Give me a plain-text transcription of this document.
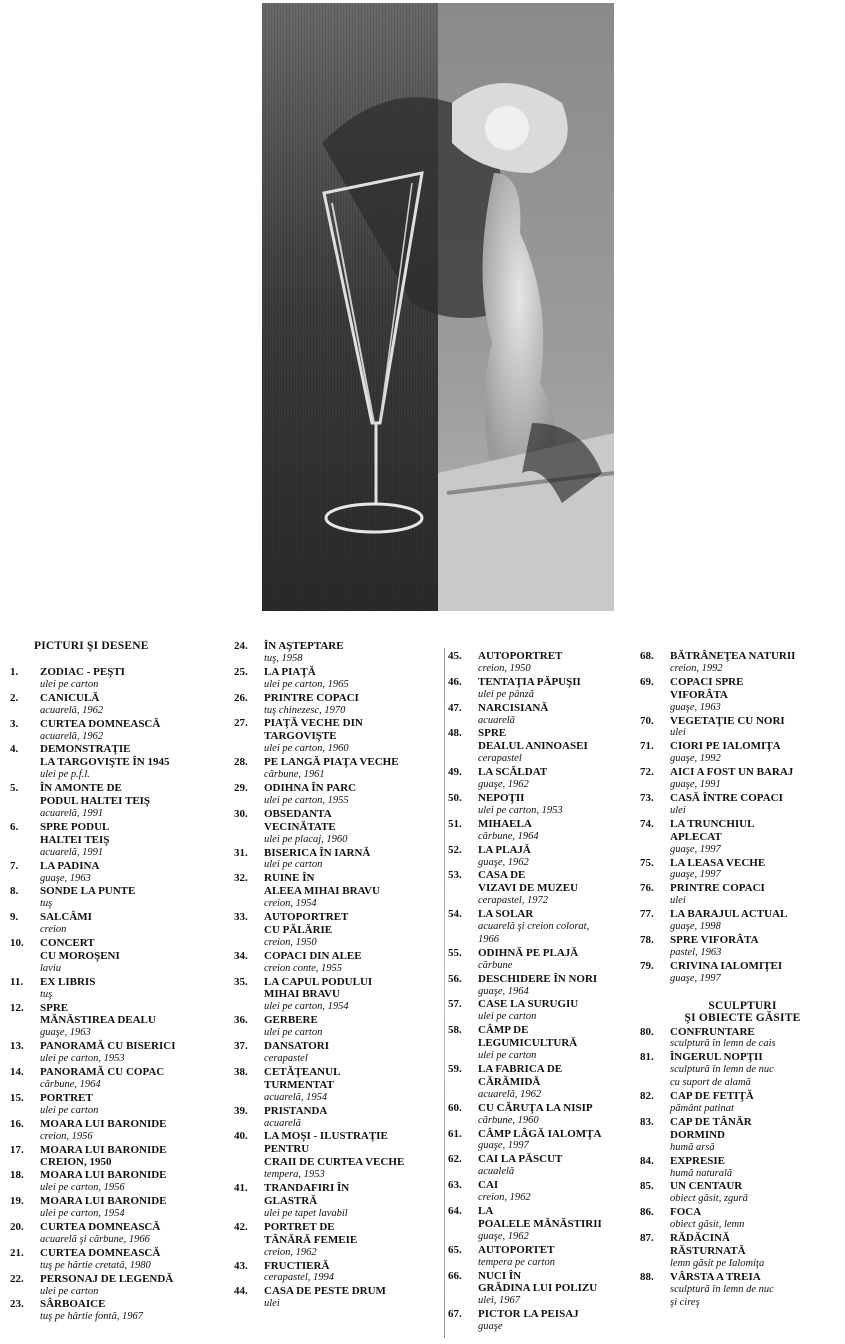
PICTURI ŞI DESENE
1.	ZODIAC - PEŞTI
ulei pe carton
2.	CANICULĂ
acuarelă, 1962
3.	CURTEA DOMNEASCĂ
acuarelă, 1962
4.	DEMONSTRAŢIE
LA TARGOVIŞTE ÎN 1945
ulei pe p.f.l.
5.	ÎN AMONTE DE
PODUL HALTEI TEIŞ
acuarelă, 1991
6.	SPRE PODUL
HALTEI TEIŞ
acuarelă, 1991
7.	LA PADINA
guaşe, 1963
8.	SONDE LA PUNTE
tuş
9.	SALCÂMI
creion
10.	CONCERT
CU MOROŞENI
laviu
11.	EX LIBRIS
tuş
12.	SPRE
MĂNĂSTIREA DEALU
guaşe, 1963
13.	PANORAMĂ CU BISERICI
ulei pe carton, 1953
14.	PANORAMĂ CU COPAC
cărbune, 1964
15.	PORTRET
ulei pe carton
16.	MOARA LUI BARONIDE
creion, 1956
17.	MOARA LUI BARONIDE
CREION, 1950
18.	MOARA LUI BARONIDE
ulei pe carton, 1956
19.	MOARA LUI BARONIDE
ulei pe carton, 1954
20.	CURTEA DOMNEASCĂ
acuarelă şi cărbune, 1966
21.	CURTEA DOMNEASCĂ
tuş pe hârtie cretată, 1980
22.	PERSONAJ DE LEGENDĂ
ulei pe carton
23.	SÂRBOAICE
tuş pe hârtie fontă, 1967
24.	ÎN AŞTEPTARE
tuş, 1958
25.	LA PIAŢĂ
ulei pe carton, 1965
26.	PRINTRE COPACI
tuş chinezesc, 1970
27.	PIAŢĂ VECHE DIN
TARGOVIŞTE
ulei pe carton, 1960
28.	PE LANGĂ PIAŢA VECHE
cărbune, 1961
29.	ODIHNA ÎN PARC
ulei pe carton, 1955
30.	OBSEDANTA
VECINĂTATE
ulei pe placaj, 1960
31.	BISERICA ÎN IARNĂ
ulei pe carton
32.	RUINE ÎN
ALEEA MIHAI BRAVU
creion, 1954
33.	AUTOPORTRET
CU PĂLĂRIE
creion, 1950
34.	COPACI DIN ALEE
creion conte, 1955
35.	LA CAPUL PODULUI
MIHAI BRAVU
ulei pe carton, 1954
36.	GERBERE
ulei pe carton
37.	DANSATORI
cerapastel
38.	CETĂŢEANUL
TURMENTAT
acuarelă, 1954
39.	PRISTANDA
acuarelă
40.	LA MOŞI - ILUSTRAŢIE
PENTRU
CRAII DE CURTEA VECHE
tempera, 1953
41.	TRANDAFIRI ÎN
GLASTRĂ
ulei pe tapet lavabil
42.	PORTRET DE
TÂNĂRĂ FEMEIE
creion, 1962
43.	FRUCTIERĂ
cerapastel, 1994
44.	CASA DE PESTE DRUM
ulei
45.	AUTOPORTRET
creion, 1950
46.	TENTAŢIA PĂPUŞII
ulei pe pânză
47.	NARCISIANĂ
acuarelă
48.	SPRE
DEALUL ANINOASEI
cerapastel
49.	LA SCĂLDAT
guaşe, 1962
50.	NEPOŢII
ulei pe carton, 1953
51.	MIHAELA
cărbune, 1964
52.	LA PLAJĂ
guaşe, 1962
53.	CASA DE
VIZAVI DE MUZEU
cerapastel, 1972
54.	LA SOLAR
acuarelă şi creion colorat,
1966
55.	ODIHNĂ PE PLAJĂ
cărbune
56.	DESCHIDERE ÎN NORI
guaşe, 1964
57.	CASE LA SURUGIU
ulei pe carton
58.	CÂMP DE
LEGUMICULTURĂ
ulei pe carton
59.	LA FABRICA DE
CĂRĂMIDĂ
acuarelă, 1962
60.	CU CĂRUŢA LA NISIP
cărbune, 1960
61.	CÂMP LÂGĂ IALOMŢA
guaşe, 1997
62.	CAI LA PĂSCUT
acualelă
63.	CAI
creion, 1962
64.	LA
POALELE MĂNĂSTIRII
guaşe, 1962
65.	AUTOPORTET
tempera pe carton
66.	NUCI ÎN
GRĂDINA LUI POLIZU
ulei, 1967
67.	PICTOR LA PEISAJ
guaşe
68.	BĂTRÂNEŢEA NATURII
creion, 1992
69.	COPACI SPRE
VIFORÂTA
guaşe, 1963
70.	VEGETAŢIE CU NORI
ulei
71.	CIORI PE IALOMIŢA
guaşe, 1992
72.	AICI A FOST UN BARAJ
guaşe, 1991
73.	CASĂ ÎNTRE COPACI
ulei
74.	LA TRUNCHIUL
APLECAT
guaşe, 1997
75.	LA LEASA VECHE
guaşe, 1997
76.	PRINTRE COPACI
ulei
77.	LA BARAJUL ACTUAL
guaşe, 1998
78.	SPRE VIFORÂTA
pastel, 1963
79.	CRIVINA IALOMIŢEI
guaşe, 1997
SCULPTURI
ŞI OBIECTE GĂSITE
80.	CONFRUNTARE
sculptură în lemn de cais
81.	ÎNGERUL NOPŢII
sculptură în lemn de nuc
cu suport de alamă
82.	CAP DE FETIŢĂ
pământ patinat
83.	CAP DE TÂNĂR
DORMIND
humă arsă
84.	EXPRESIE
humă naturală
85.	UN CENTAUR
obiect găsit, zgură
86.	FOCA
obiect găsit, lemn
87.	RĂDĂCINĂ
RĂSTURNATĂ
lemn găsit pe Ialomiţa
88.	VÂRSTA A TREIA
sculptură în lemn de nuc
şi cireş
